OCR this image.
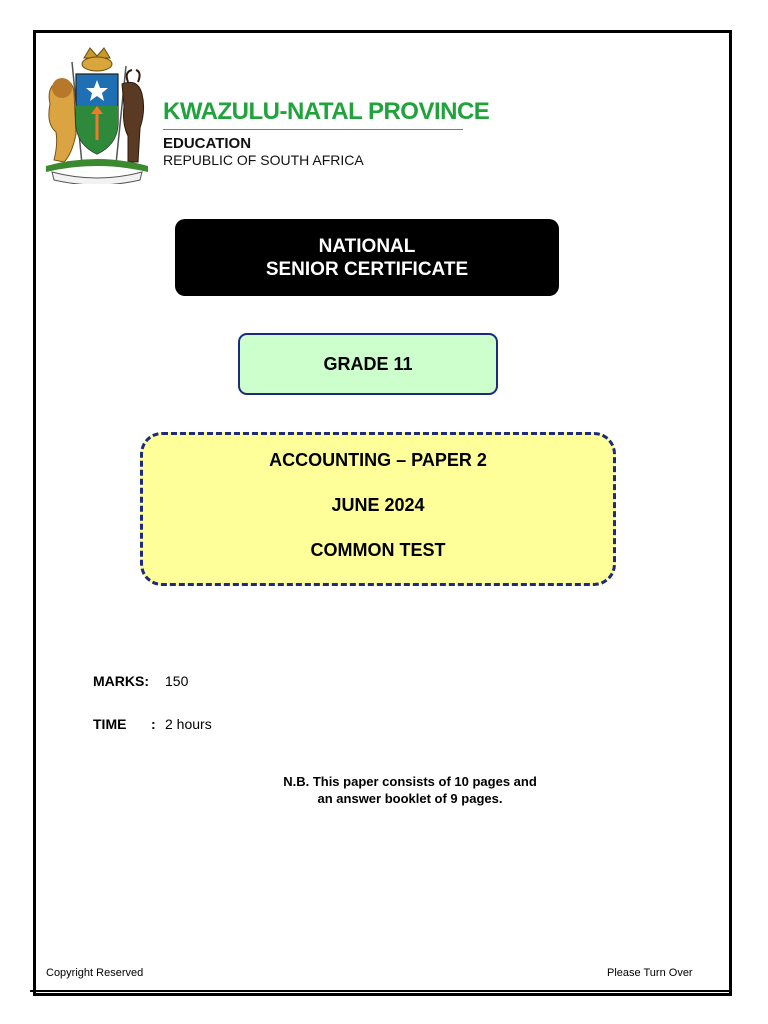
KWAZULU-NATAL PROVINCE
EDUCATION
REPUBLIC OF SOUTH AFRICA
NATIONAL
SENIOR CERTIFICATE
GRADE 11
ACCOUNTING – PAPER 2
JUNE 2024
COMMON TEST
MARKS: 150
TIME : 2 hours
N.B. This paper consists of 10 pages and
an answer booklet of 9 pages.
Copyright Reserved	Please Turn Over
